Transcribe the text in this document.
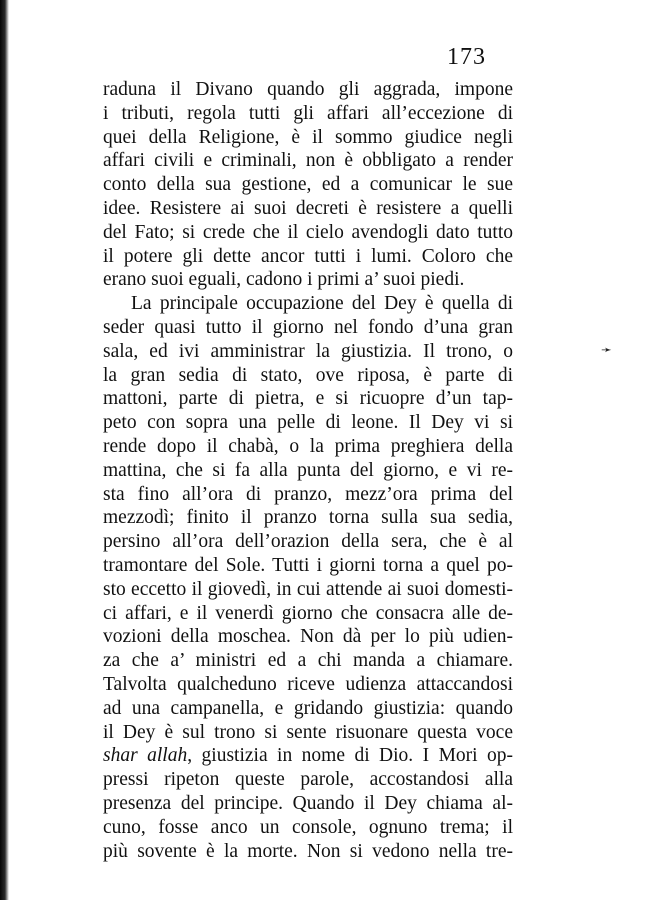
173
➛
raduna il Divano quando gli aggrada, impone
i tributi, regola tutti gli affari all’eccezione di
quei della Religione, è il sommo giudice negli
affari civili e criminali, non è obbligato a render
conto della sua gestione, ed a comunicar le sue
idee. Resistere ai suoi decreti è resistere a quelli
del Fato; si crede che il cielo avendogli dato tutto
il potere gli dette ancor tutti i lumi. Coloro che
erano suoi eguali, cadono i primi a’ suoi piedi.
La principale occupazione del Dey è quella di
seder quasi tutto il giorno nel fondo d’una gran
sala, ed ivi amministrar la giustizia. Il trono, o
la gran sedia di stato, ove riposa, è parte di
mattoni, parte di pietra, e si ricuopre d’un tap-
peto con sopra una pelle di leone. Il Dey vi si
rende dopo il chabà, o la prima preghiera della
mattina, che si fa alla punta del giorno, e vi re-
sta fino all’ora di pranzo, mezz’ora prima del
mezzodì; finito il pranzo torna sulla sua sedia,
persino all’ora dell’orazion della sera, che è al
tramontare del Sole. Tutti i giorni torna a quel po-
sto eccetto il giovedì, in cui attende ai suoi domesti-
ci affari, e il venerdì giorno che consacra alle de-
vozioni della moschea. Non dà per lo più udien-
za che a’ ministri ed a chi manda a chiamare.
Talvolta qualcheduno riceve udienza attaccandosi
ad una campanella, e gridando giustizia: quando
il Dey è sul trono si sente risuonare questa voce
shar allah, giustizia in nome di Dio. I Mori op-
pressi ripeton queste parole, accostandosi alla
presenza del principe. Quando il Dey chiama al-
cuno, fosse anco un console, ognuno trema; il
più sovente è la morte. Non si vedono nella tre-
